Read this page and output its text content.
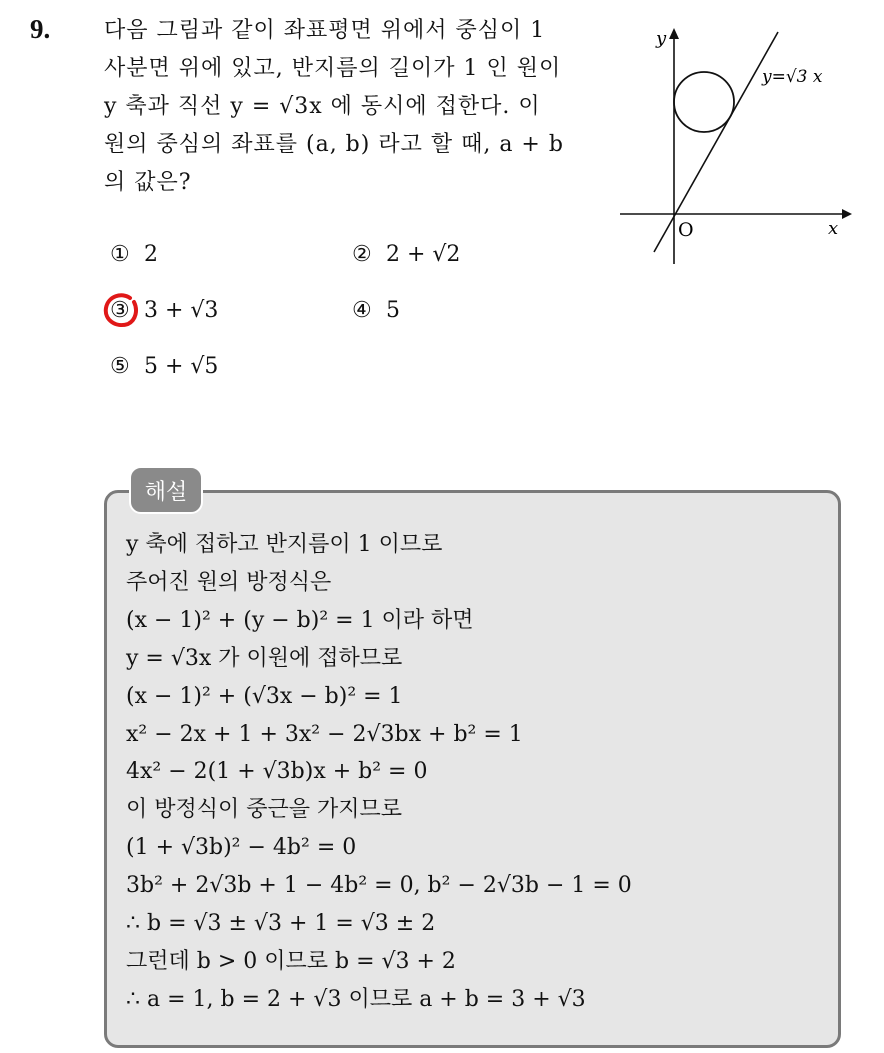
9. 다음 그림과 같이 좌표평면 위에서 중심이 1
사분면 위에 있고, 반지름의 길이가 1 인 원이
y 축과 직선 y = √3x 에 동시에 접한다. 이
원의 중심의 좌표를 (a, b) 라고 할 때, a + b
의 값은?
y
x
O
y=√3 x
① 2	② 2 + √2
③ 3 + √3	④ 5
⑤ 5 + √5
해설
y 축에 접하고 반지름이 1 이므로
주어진 원의 방정식은
(x − 1)² + (y − b)² = 1 이라 하면
y = √3x 가 이원에 접하므로
(x − 1)² + (√3x − b)² = 1
x² − 2x + 1 + 3x² − 2√3bx + b² = 1
4x² − 2(1 + √3b)x + b² = 0
이 방정식이 중근을 가지므로
(1 + √3b)² − 4b² = 0
3b² + 2√3b + 1 − 4b² = 0, b² − 2√3b − 1 = 0
∴ b = √3 ± √3 + 1 = √3 ± 2
그런데 b > 0 이므로 b = √3 + 2
∴ a = 1, b = 2 + √3 이므로 a + b = 3 + √3
